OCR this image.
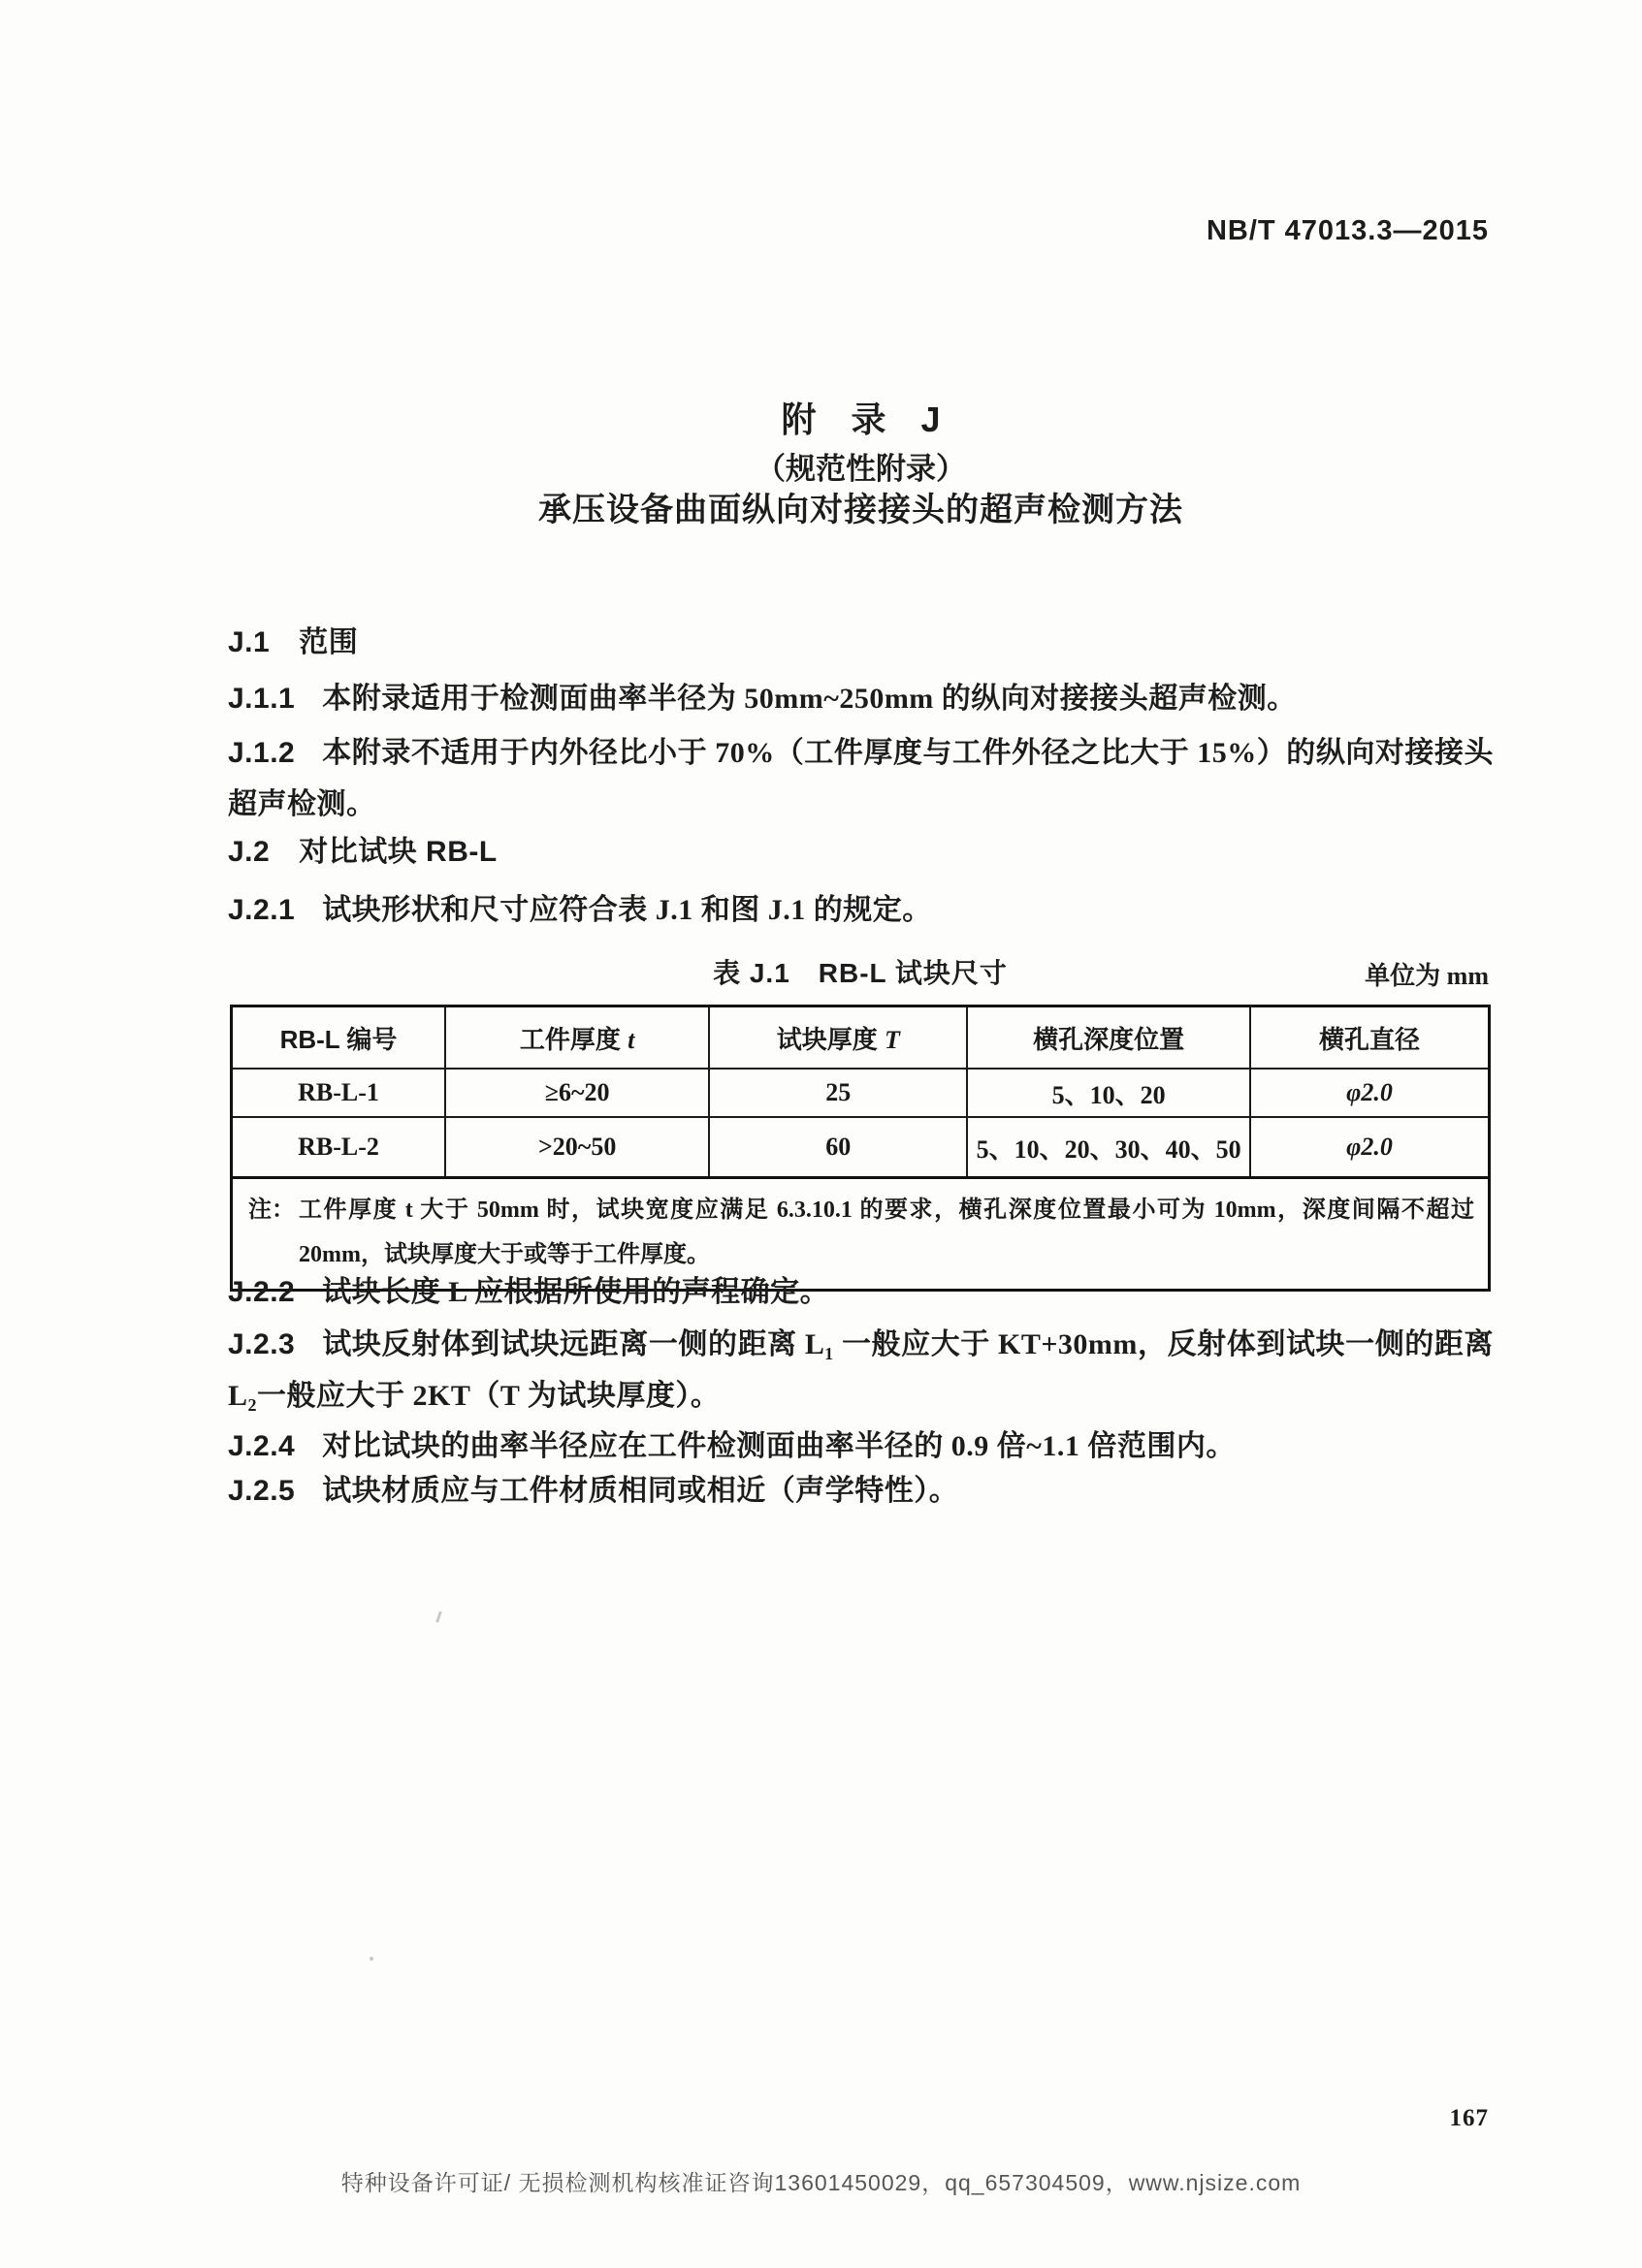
NB/T 47013.3—2015
附　录　J
（规范性附录）
承压设备曲面纵向对接接头的超声检测方法
J.1 范围
J.1.1 本附录适用于检测面曲率半径为 50mm~250mm 的纵向对接接头超声检测。
J.1.2 本附录不适用于内外径比小于 70%（工件厚度与工件外径之比大于 15%）的纵向对接接头
超声检测。
J.2 对比试块 RB-L
J.2.1 试块形状和尺寸应符合表 J.1 和图 J.1 的规定。
表 J.1　RB-L 试块尺寸	单位为 mm
RB-L 编号	工件厚度 t	试块厚度 T	横孔深度位置	横孔直径
RB-L-1	≥6~20	25	5、10、20	φ2.0
RB-L-2	>20~50	60	5、10、20、30、40、50	φ2.0

注： 工件厚度 t 大于 50mm 时，试块宽度应满足 6.3.10.1 的要求，横孔深度位置最小可为 10mm，深度间隔不超过
20mm，试块厚度大于或等于工件厚度。				
J.2.2 试块长度 L 应根据所使用的声程确定。
J.2.3 试块反射体到试块远距离一侧的距离 L₁ 一般应大于 KT+30mm，反射体到试块一侧的距离
L₂一般应大于 2KT（T 为试块厚度）。
J.2.4 对比试块的曲率半径应在工件检测面曲率半径的 0.9 倍~1.1 倍范围内。
J.2.5 试块材质应与工件材质相同或相近（声学特性）。
167
特种设备许可证/ 无损检测机构核准证咨询13601450029，qq_657304509，www.njsize.com
